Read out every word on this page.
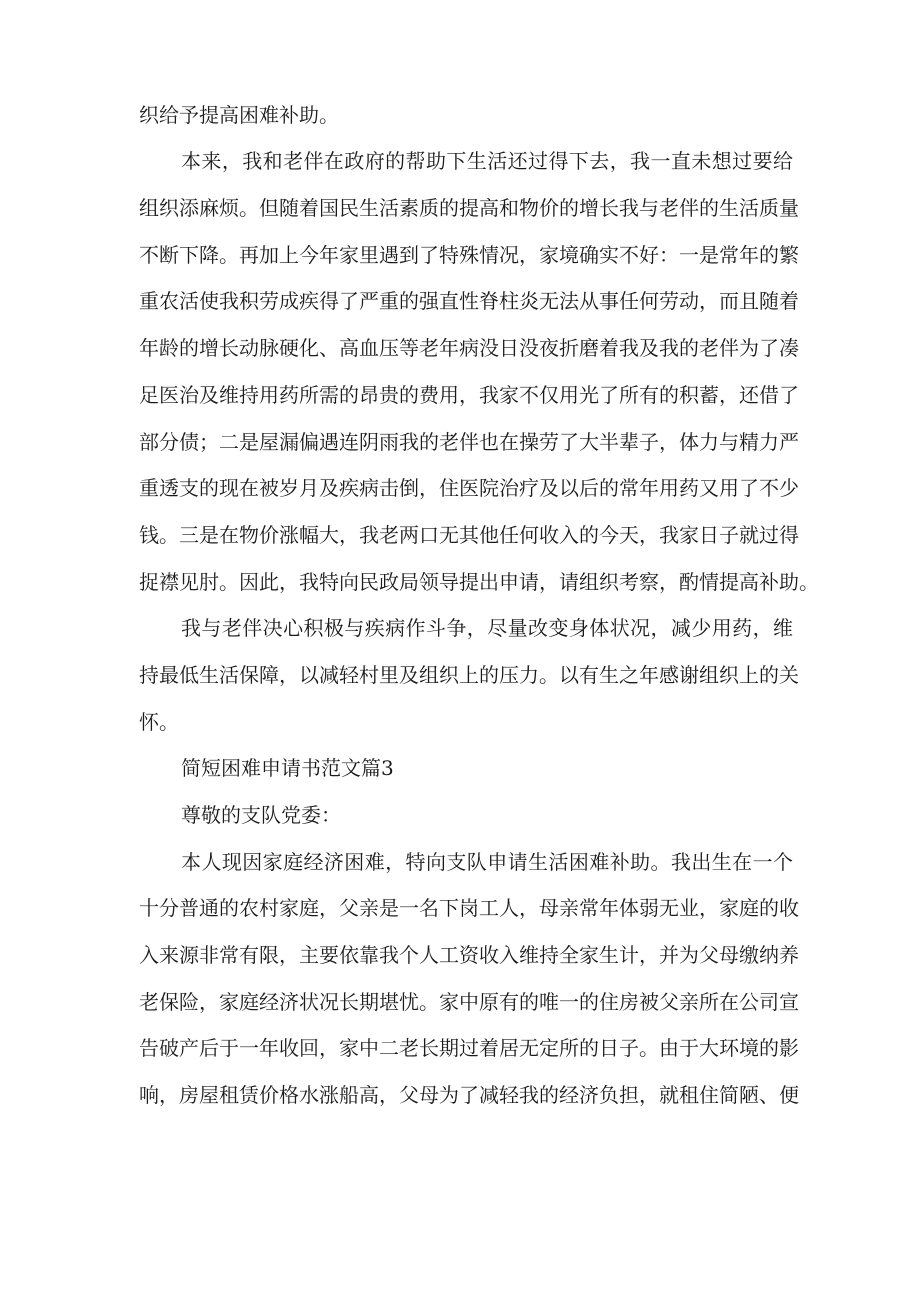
织给予提高困难补助。
本来，我和老伴在政府的帮助下生活还过得下去，我一直未想过要给
组织添麻烦。但随着国民生活素质的提高和物价的增长我与老伴的生活质量
不断下降。再加上今年家里遇到了特殊情况，家境确实不好：一是常年的繁
重农活使我积劳成疾得了严重的强直性脊柱炎无法从事任何劳动，而且随着
年龄的增长动脉硬化、高血压等老年病没日没夜折磨着我及我的老伴为了凑
足医治及维持用药所需的昂贵的费用，我家不仅用光了所有的积蓄，还借了
部分债；二是屋漏偏遇连阴雨我的老伴也在操劳了大半辈子，体力与精力严
重透支的现在被岁月及疾病击倒，住医院治疗及以后的常年用药又用了不少
钱。三是在物价涨幅大，我老两口无其他任何收入的今天，我家日子就过得
捉襟见肘。因此，我特向民政局领导提出申请，请组织考察，酌情提高补助。
我与老伴决心积极与疾病作斗争，尽量改变身体状况，减少用药，维
持最低生活保障，以减轻村里及组织上的压力。以有生之年感谢组织上的关
怀。
简短困难申请书范文篇3
尊敬的支队党委：
本人现因家庭经济困难，特向支队申请生活困难补助。我出生在一个
十分普通的农村家庭，父亲是一名下岗工人，母亲常年体弱无业，家庭的收
入来源非常有限，主要依靠我个人工资收入维持全家生计，并为父母缴纳养
老保险，家庭经济状况长期堪忧。家中原有的唯一的住房被父亲所在公司宣
告破产后于一年收回，家中二老长期过着居无定所的日子。由于大环境的影
响，房屋租赁价格水涨船高，父母为了减轻我的经济负担，就租住简陋、便
